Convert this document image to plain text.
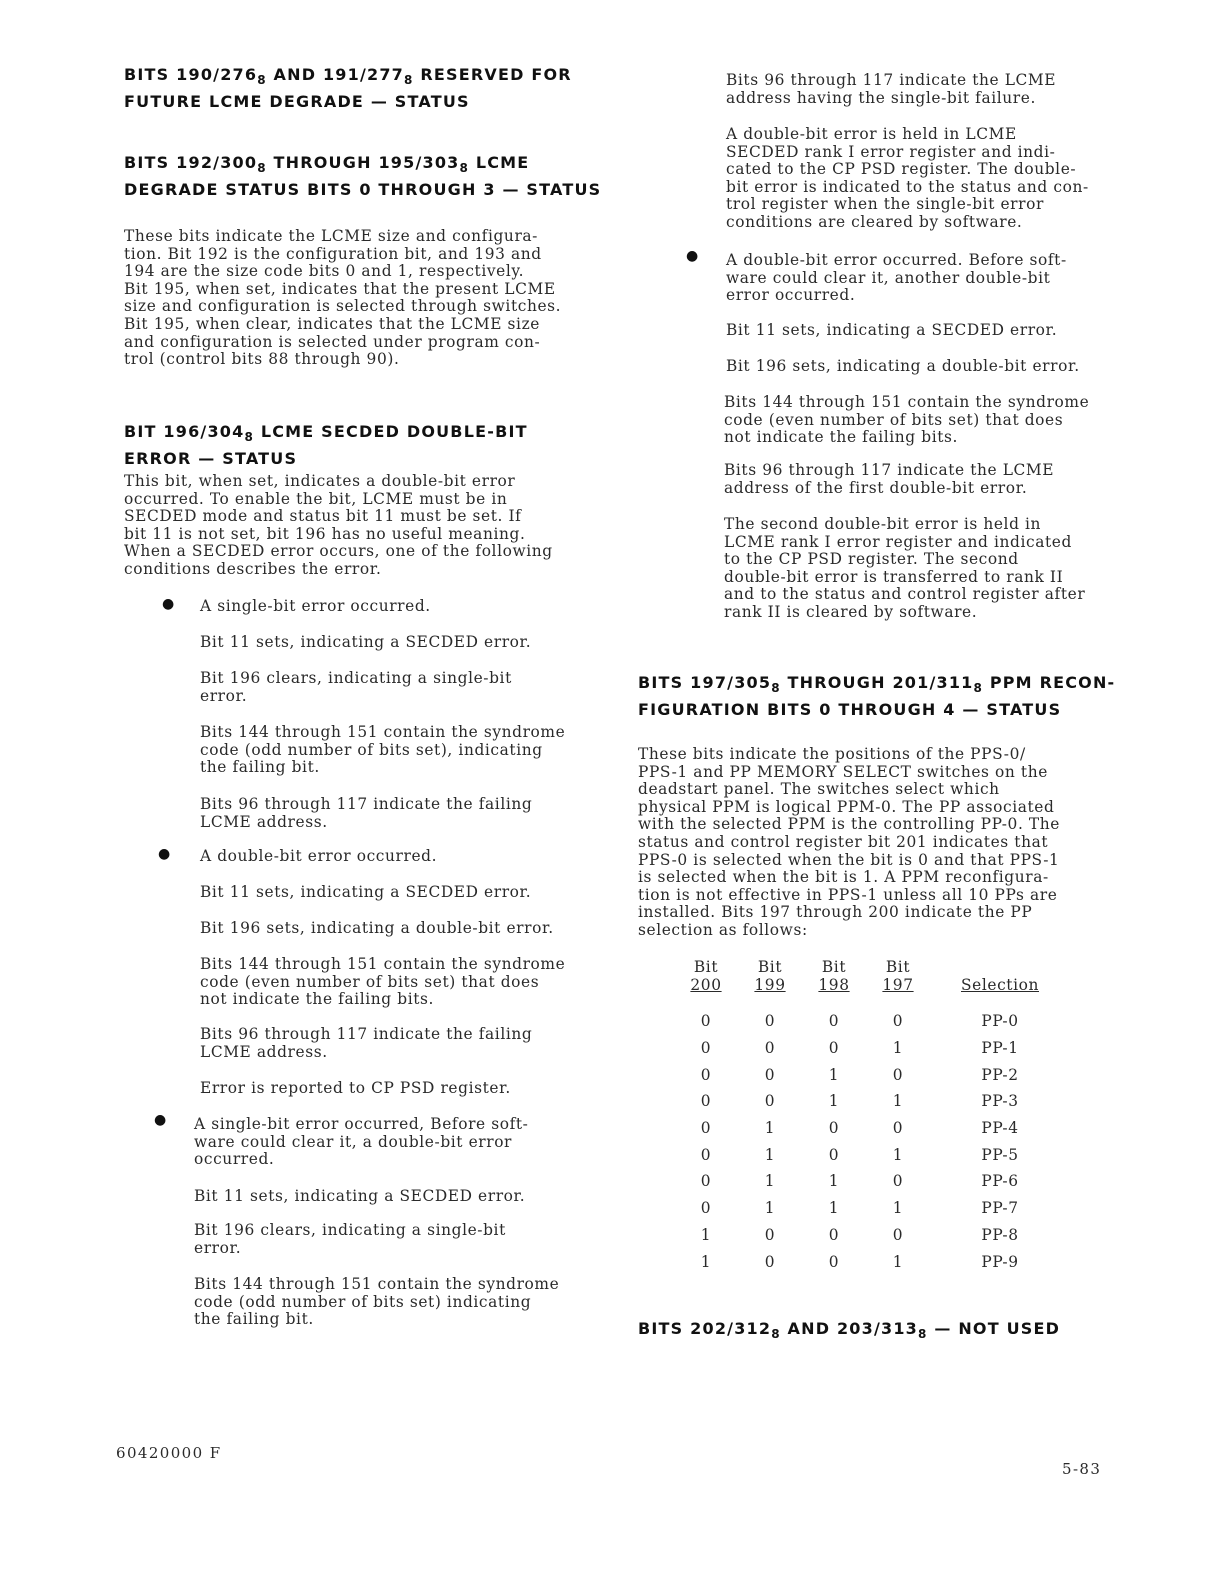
BITS $190/276_8$ AND $191/277_8$ RESERVED FOR
FUTURE LCME DEGRADE — STATUS
BITS $192/300_8$ THROUGH $195/303_8$ LCME
DEGRADE STATUS BITS 0 THROUGH 3 — STATUS

These bits indicate the LCME size and configura-
tion. Bit 192 is the configuration bit, and 193 and
194 are the size code bits 0 and 1, respectively.
Bit 195, when set, indicates that the present LCME
size and configuration is selected through switches.
Bit 195, when clear, indicates that the LCME size
and configuration is selected under program con-
trol (control bits 88 through 90).

BIT $196/304_8$ LCME SECDED DOUBLE-BIT
ERROR — STATUS

This bit, when set, indicates a double-bit error
occurred. To enable the bit, LCME must be in
SECDED mode and status bit 11 must be set. If
bit 11 is not set, bit 196 has no useful meaning.
When a SECDED error occurs, one of the following
conditions describes the error.

● A single-bit error occurred.

Bit 11 sets, indicating a SECDED error.

Bit 196 clears, indicating a single-bit
error.

Bits 144 through 151 contain the syndrome
code (odd number of bits set), indicating
the failing bit.

Bits 96 through 117 indicate the failing
LCME address.

● A double-bit error occurred.

Bit 11 sets, indicating a SECDED error.

Bit 196 sets, indicating a double-bit error.

Bits 144 through 151 contain the syndrome
code (even number of bits set) that does
not indicate the failing bits.

Bits 96 through 117 indicate the failing
LCME address.

Error is reported to CP PSD register.

● A single-bit error occurred, Before soft-
ware could clear it, a double-bit error
occurred.

Bit 11 sets, indicating a SECDED error.

Bit 196 clears, indicating a single-bit
error.

Bits 144 through 151 contain the syndrome
code (odd number of bits set) indicating
the failing bit.

Bits 96 through 117 indicate the LCME
address having the single-bit failure.

A double-bit error is held in LCME
SECDED rank I error register and indi-
cated to the CP PSD register. The double-
bit error is indicated to the status and con-
trol register when the single-bit error
conditions are cleared by software.

● A double-bit error occurred. Before soft-
ware could clear it, another double-bit
error occurred.

Bit 11 sets, indicating a SECDED error.

Bit 196 sets, indicating a double-bit error.

Bits 144 through 151 contain the syndrome
code (even number of bits set) that does
not indicate the failing bits.

Bits 96 through 117 indicate the LCME
address of the first double-bit error.

The second double-bit error is held in
LCME rank I error register and indicated
to the CP PSD register. The second
double-bit error is transferred to rank II
and to the status and control register after
rank II is cleared by software.

BITS $197/305_8$ THROUGH $201/311_8$ PPM RECON-
FIGURATION BITS 0 THROUGH 4 — STATUS

These bits indicate the positions of the PPS-0/
PPS-1 and PP MEMORY SELECT switches on the
deadstart panel. The switches select which
physical PPM is logical PPM-0. The PP associated
with the selected PPM is the controlling PP-0. The
status and control register bit 201 indicates that
PPS-0 is selected when the bit is 0 and that PPS-1
is selected when the bit is 1. A PPM reconfigura-
tion is not effective in PPS-1 unless all 10 PPs are
installed. Bits 197 through 200 indicate the PP
selection as follows:

Bit
200	Bit
199	Bit
198	Bit
197	Selection

0	0	0	0	PP-0
0	0	0	1	PP-1
0	0	1	0	PP-2
0	0	1	1	PP-3
0	1	0	0	PP-4
0	1	0	1	PP-5
0	1	1	0	PP-6
0	1	1	1	PP-7
1	0	0	0	PP-8
1	0	0	1	PP-9
BITS $202/312_8$ AND $203/313_8$ — NOT USED
60420000 F
5-83
